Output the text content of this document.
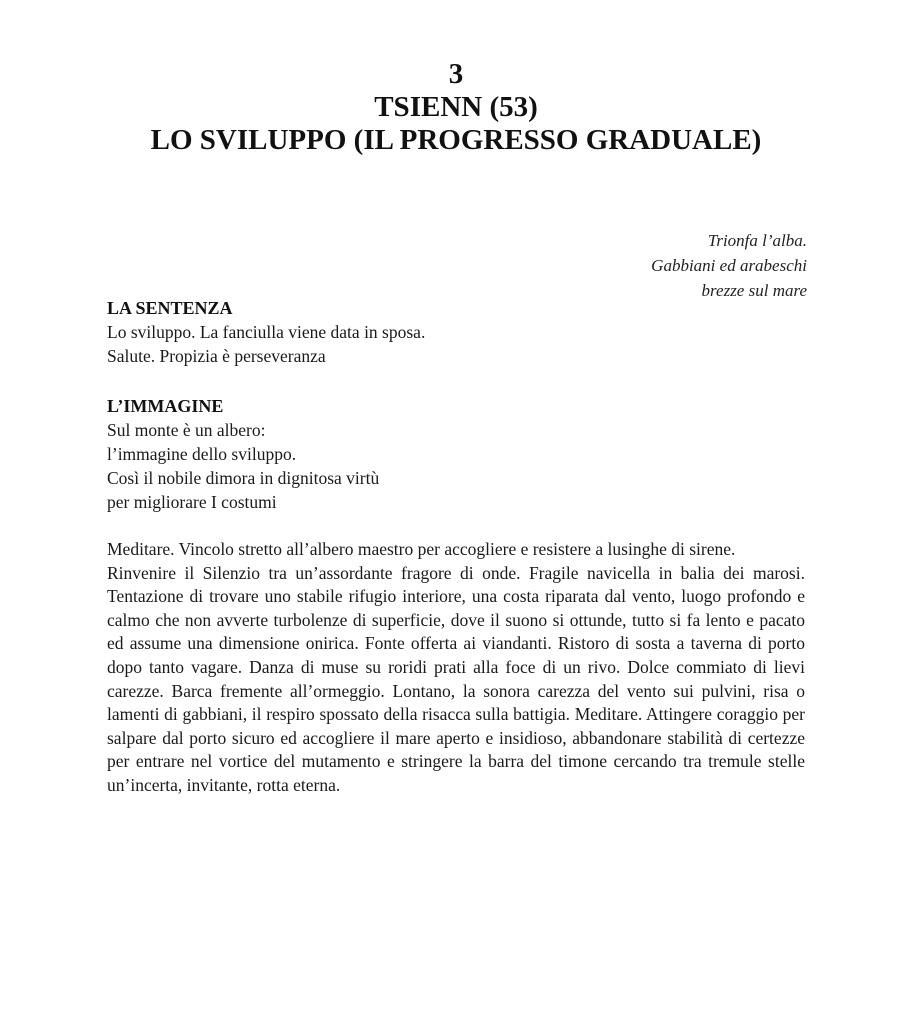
3
TSIENN (53)
LO SVILUPPO (IL PROGRESSO GRADUALE)
Trionfa l’alba.
Gabbiani ed arabeschi
brezze sul mare
LA SENTENZA
Lo sviluppo. La fanciulla viene data in sposa.
Salute. Propizia è perseveranza
L’IMMAGINE
Sul monte è un albero:
l’immagine dello sviluppo.
Così il nobile dimora in dignitosa virtù
per migliorare I costumi

Meditare. Vincolo stretto all’albero maestro per accogliere e resistere a lusinghe di sirene.

Rinvenire il Silenzio tra un’assordante fragore di onde. Fragile navicella in balia dei marosi. Tentazione di trovare uno stabile rifugio interiore, una costa riparata dal vento, luogo profondo e calmo che non avverte turbolenze di superficie, dove il suono si ottunde, tutto si fa lento e pacato ed assume una dimensione onirica. Fonte offerta ai viandanti. Ristoro di sosta a taverna di porto dopo tanto vagare. Danza di muse su roridi prati alla foce di un rivo. Dolce commiato di lievi carezze. Barca fremente all’ormeggio. Lontano, la sonora carezza del vento sui pulvini, risa o lamenti di gabbiani, il respiro spossato della risacca sulla battigia. Meditare. Attingere coraggio per salpare dal porto sicuro ed accogliere il mare aperto e insidioso, abbandonare stabilità di certezze per entrare nel vortice del mutamento e stringere la barra del timone cercando tra tremule stelle un’incerta, invitante, rotta eterna.
